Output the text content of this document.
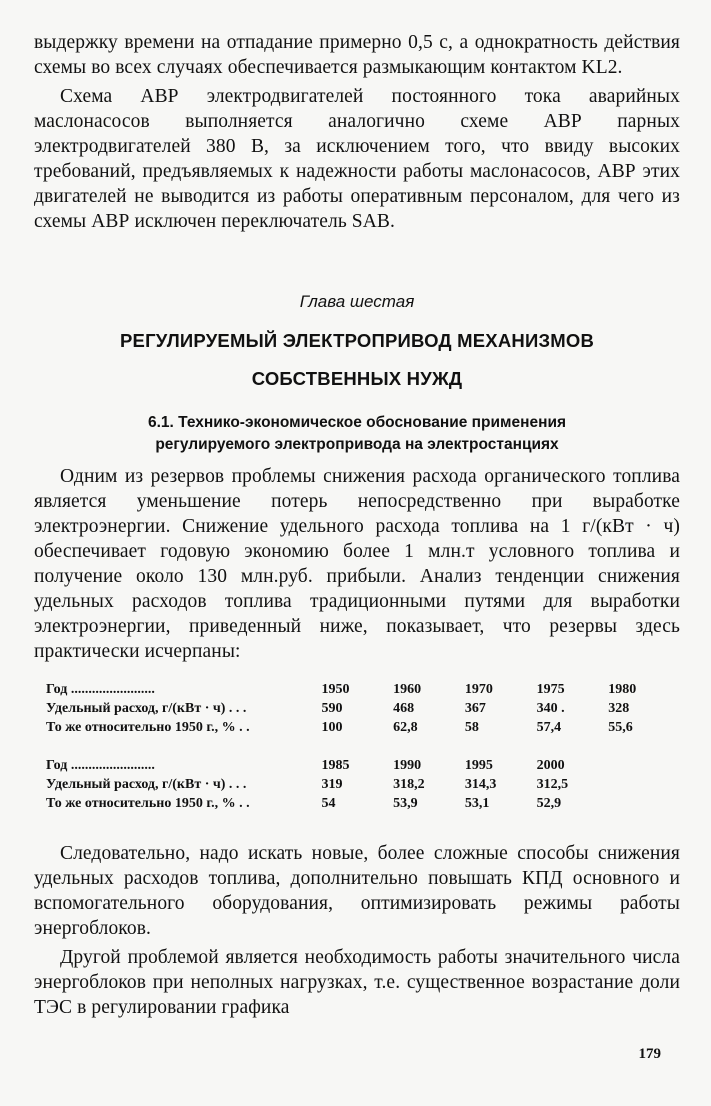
выдержку времени на отпадание примерно 0,5 с, а однократность действия схемы во всех случаях обеспечивается размыкающим контактом KL2.

Схема АВР электродвигателей постоянного тока аварийных маслонасосов выполняется аналогично схеме АВР парных электродвигателей 380 В, за исключением того, что ввиду высоких требований, предъявляемых к надежности работы маслонасосов, АВР этих двигателей не выводится из работы оперативным персоналом, для чего из схемы АВР исключен переключатель SAB.

Глава шестая
РЕГУЛИРУЕМЫЙ ЭЛЕКТРОПРИВОД МЕХАНИЗМОВ
СОБСТВЕННЫХ НУЖД
6.1. Технико-экономическое обоснование применения
регулируемого электропривода на электростанциях

Одним из резервов проблемы снижения расхода органического топлива является уменьшение потерь непосредственно при выработке электроэнергии. Снижение удельного расхода топлива на 1 г/(кВт · ч) обеспечивает годовую экономию более 1 млн.т условного топлива и получение около 130 млн.руб. прибыли. Анализ тенденции снижения удельных расходов топлива традиционными путями для выработки электроэнергии, приведенный ниже, показывает, что резервы здесь практически исчерпаны:

Год ........................	1950	1960	1970	1975	1980
Удельный расход, г/(кВт · ч) . . .	590	468	367	340 .	328
То же относительно 1950 г., % . .	100	62,8	58	57,4	55,6

Год ........................	1985	1990	1995	2000	
Удельный расход, г/(кВт · ч) . . .	319	318,2	314,3	312,5	
То же относительно 1950 г., % . .	54	53,9	53,1	52,9	

Следовательно, надо искать новые, более сложные способы снижения удельных расходов топлива, дополнительно повышать КПД основного и вспомогательного оборудования, оптимизировать режимы работы энергоблоков.

Другой проблемой является необходимость работы значительного числа энергоблоков при неполных нагрузках, т.е. существенное возрастание доли ТЭС в регулировании графика

179
